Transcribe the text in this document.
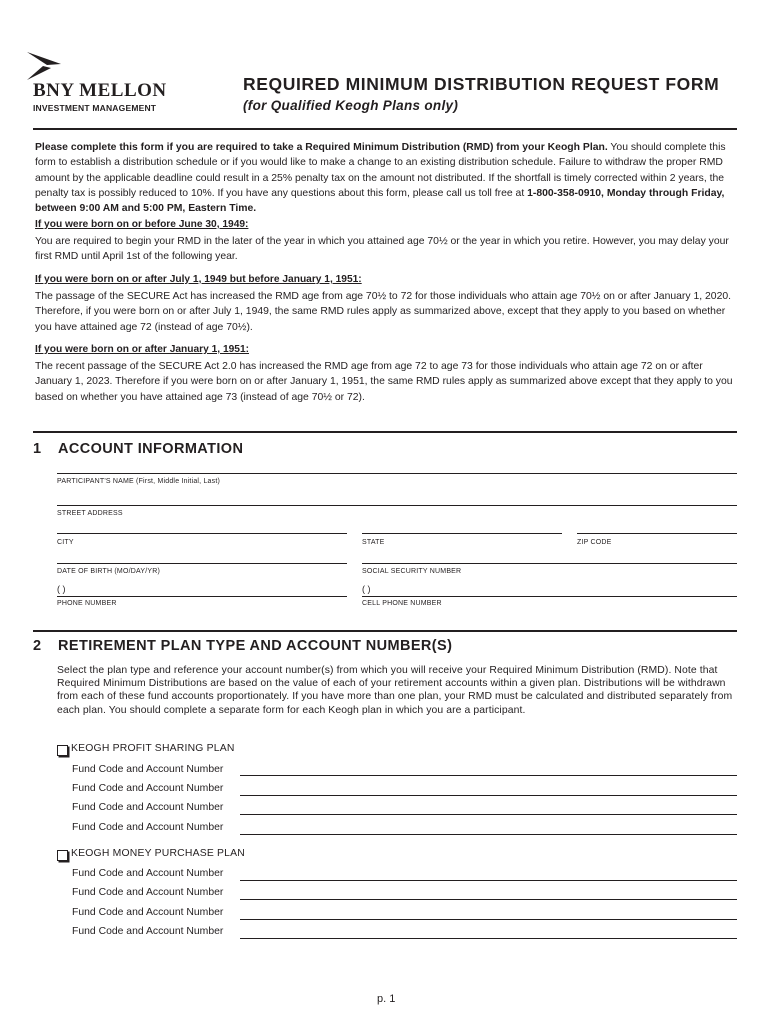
BNY MELLON
INVESTMENT MANAGEMENT
REQUIRED MINIMUM DISTRIBUTION REQUEST FORM
(for Qualified Keogh Plans only)
Please complete this form if you are required to take a Required Minimum Distribution (RMD) from your Keogh Plan. You should complete this form to establish a distribution schedule or if you would like to make a change to an existing distribution schedule. Failure to withdraw the proper RMD amount by the applicable deadline could result in a 25% penalty tax on the amount not distributed. If the shortfall is timely corrected within 2 years, the penalty tax is possibly reduced to 10%. If you have any questions about this form, please call us toll free at 1-800-358-0910, Monday through Friday, between 9:00 AM and 5:00 PM, Eastern Time.
If you were born on or before June 30, 1949:
You are required to begin your RMD in the later of the year in which you attained age 70½ or the year in which you retire. However, you may delay your first RMD until April 1st of the following year.
If you were born on or after July 1, 1949 but before January 1, 1951:
The passage of the SECURE Act has increased the RMD age from age 70½ to 72 for those individuals who attain age 70½ on or after January 1, 2020. Therefore, if you were born on or after July 1, 1949, the same RMD rules apply as summarized above, except that they apply to you based on whether you have attained age 72 (instead of age 70½).
If you were born on or after January 1, 1951:
The recent passage of the SECURE Act 2.0 has increased the RMD age from age 72 to age 73 for those individuals who attain age 72 on or after January 1, 2023. Therefore if you were born on or after January 1, 1951, the same RMD rules apply as summarized above except that they apply to you based on whether you have attained age 73 (instead of age 70½ or 72).
1 ACCOUNT INFORMATION
PARTICIPANT'S NAME (First, Middle Initial, Last)
STREET ADDRESS
CITY	STATE	ZIP CODE
DATE OF BIRTH (MO/DAY/YR)	SOCIAL SECURITY NUMBER
( )
PHONE NUMBER
( )
CELL PHONE NUMBER
2 RETIREMENT PLAN TYPE AND ACCOUNT NUMBER(S)
Select the plan type and reference your account number(s) from which you will receive your Required Minimum Distribution (RMD). Note that Required Minimum Distributions are based on the value of each of your retirement accounts within a given plan. Distributions will be withdrawn from each of these fund accounts proportionately. If you have more than one plan, your RMD must be calculated and distributed separately from each plan. You should complete a separate form for each Keogh plan in which you are a participant.
KEOGH PROFIT SHARING PLAN
Fund Code and Account Number
Fund Code and Account Number
Fund Code and Account Number
Fund Code and Account Number
KEOGH MONEY PURCHASE PLAN
Fund Code and Account Number
Fund Code and Account Number
Fund Code and Account Number
Fund Code and Account Number
p. 1
